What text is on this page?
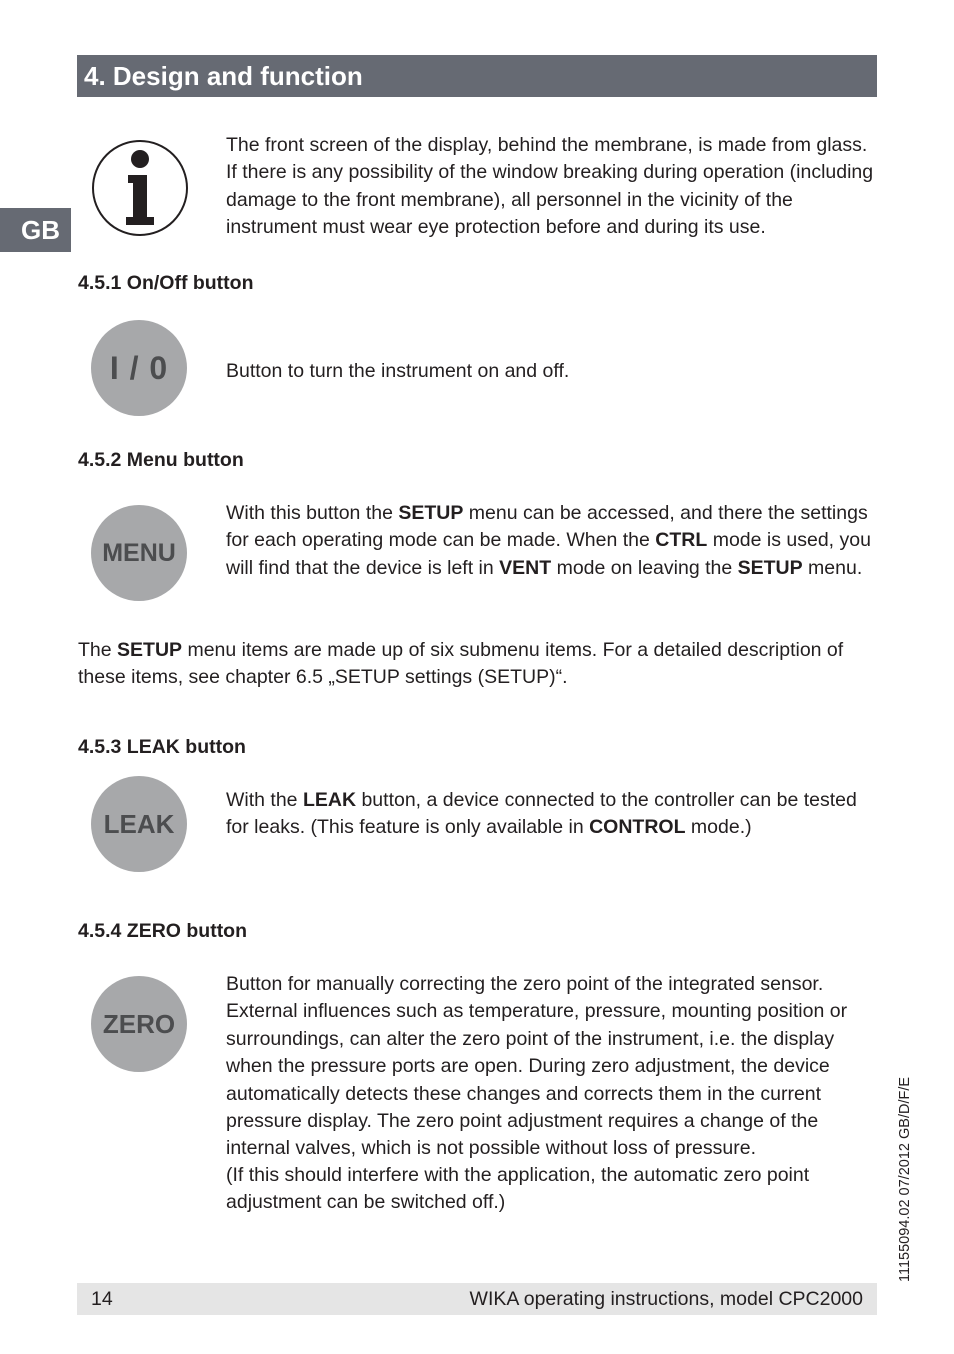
4. Design and function
GB

The front screen of the display, behind the membrane, is made from glass. If there is any possibility of the window breaking during operation (including damage to the front membrane), all personnel in the vicinity of the instrument must wear eye protection before and during its use.

4.5.1 On/Off button

I / 0	Button to turn the instrument on and off.

4.5.2 Menu button

MENU

With this button the SETUP menu can be accessed, and there the settings for each operating mode can be made. When the CTRL mode is used, you will find that the device is left in VENT mode on leaving the SETUP menu.

The SETUP menu items are made up of six submenu items. For a detailed description of these items, see chapter 6.5 „SETUP settings (SETUP)“.

4.5.3 LEAK button

LEAK

With the LEAK button, a device connected to the controller can be tested for leaks. (This feature is only available in CONTROL mode.)

4.5.4 ZERO button

ZERO

Button for manually correcting the zero point of the integrated sensor. External influences such as temperature, pressure, mounting position or surroundings, can alter the zero point of the instrument, i.e. the display when the pressure ports are open. During zero adjustment, the device automatically detects these changes and corrects them in the current pressure display. The zero point adjustment requires a change of the internal valves, which is not possible without loss of pressure.

(If this should interfere with the application, the automatic zero point adjustment can be switched off.)	11155094.02 07/2012 GB/D/F/E
14	WIKA operating instructions, model CPC2000
